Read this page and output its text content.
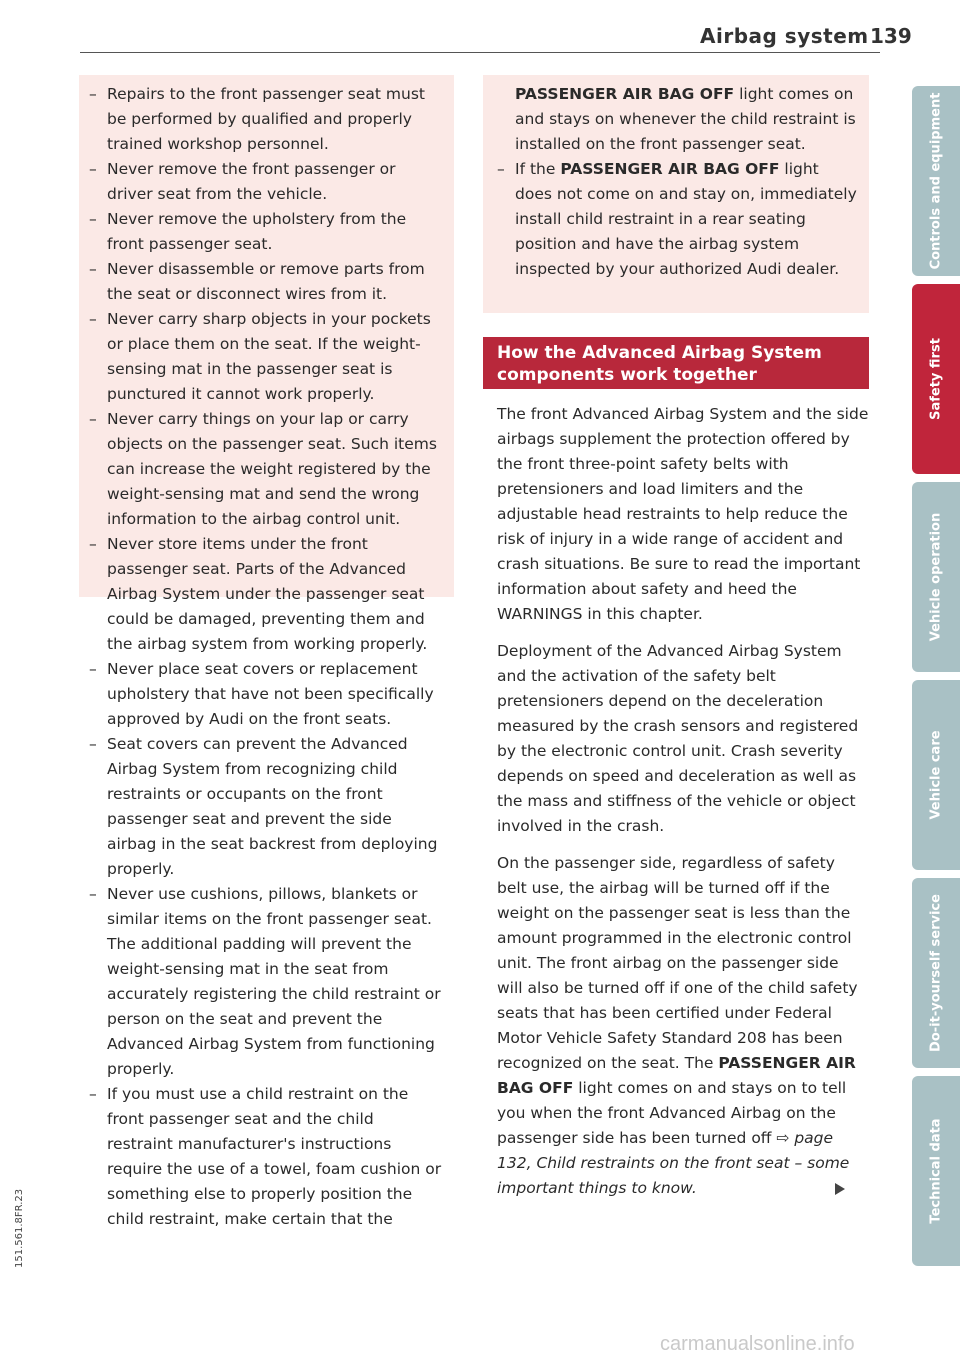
Airbag system 139
– Repairs to the front passenger seat must be performed by qualified and properly trained workshop personnel.
– Never remove the front passenger or driver seat from the vehicle.
– Never remove the upholstery from the front passenger seat.
– Never disassemble or remove parts from the seat or disconnect wires from it.
– Never carry sharp objects in your pockets or place them on the seat. If the weight-sensing mat in the passenger seat is punctured it cannot work properly.
– Never carry things on your lap or carry objects on the passenger seat. Such items can increase the weight registered by the weight-sensing mat and send the wrong information to the airbag control unit.
– Never store items under the front passenger seat. Parts of the Advanced Airbag System under the passenger seat could be damaged, preventing them and the airbag system from working properly.
– Never place seat covers or replacement upholstery that have not been specifically approved by Audi on the front seats.
– Seat covers can prevent the Advanced Airbag System from recognizing child restraints or occupants on the front passenger seat and prevent the side airbag in the seat backrest from deploying properly.
– Never use cushions, pillows, blankets or similar items on the front passenger seat. The additional padding will prevent the weight-sensing mat in the seat from accurately registering the child restraint or person on the seat and prevent the Advanced Airbag System from functioning properly.
– If you must use a child restraint on the front passenger seat and the child restraint manufacturer's instructions require the use of a towel, foam cushion or something else to properly position the child restraint, make certain that the

PASSENGER AIR BAG OFF light comes on and stays on whenever the child restraint is installed on the front passenger seat.

– If the PASSENGER AIR BAG OFF light does not come on and stay on, immediately install child restraint in a rear seating position and have the airbag system inspected by your authorized Audi dealer.
How the Advanced Airbag System components work together

The front Advanced Airbag System and the side airbags supplement the protection offered by the front three-point safety belts with pretensioners and load limiters and the adjustable head restraints to help reduce the risk of injury in a wide range of accident and crash situations. Be sure to read the important information about safety and heed the WARNINGS in this chapter.

Deployment of the Advanced Airbag System and the activation of the safety belt pretensioners depend on the deceleration measured by the crash sensors and registered by the electronic control unit. Crash severity depends on speed and deceleration as well as the mass and stiffness of the vehicle or object involved in the crash.

On the passenger side, regardless of safety belt use, the airbag will be turned off if the weight on the passenger seat is less than the amount programmed in the electronic control unit. The front airbag on the passenger side will also be turned off if one of the child safety seats that has been certified under Federal Motor Vehicle Safety Standard 208 has been recognized on the seat. The PASSENGER AIR BAG OFF light comes on and stays on to tell you when the front Advanced Airbag on the passenger side has been turned off ⇨ page 132, Child restraints on the front seat – some important things to know.

Controls and equipment
Safety first
Vehicle operation
Vehicle care
Do-it-yourself service
Technical data
151.561.8FR.23
carmanualsonline.info
